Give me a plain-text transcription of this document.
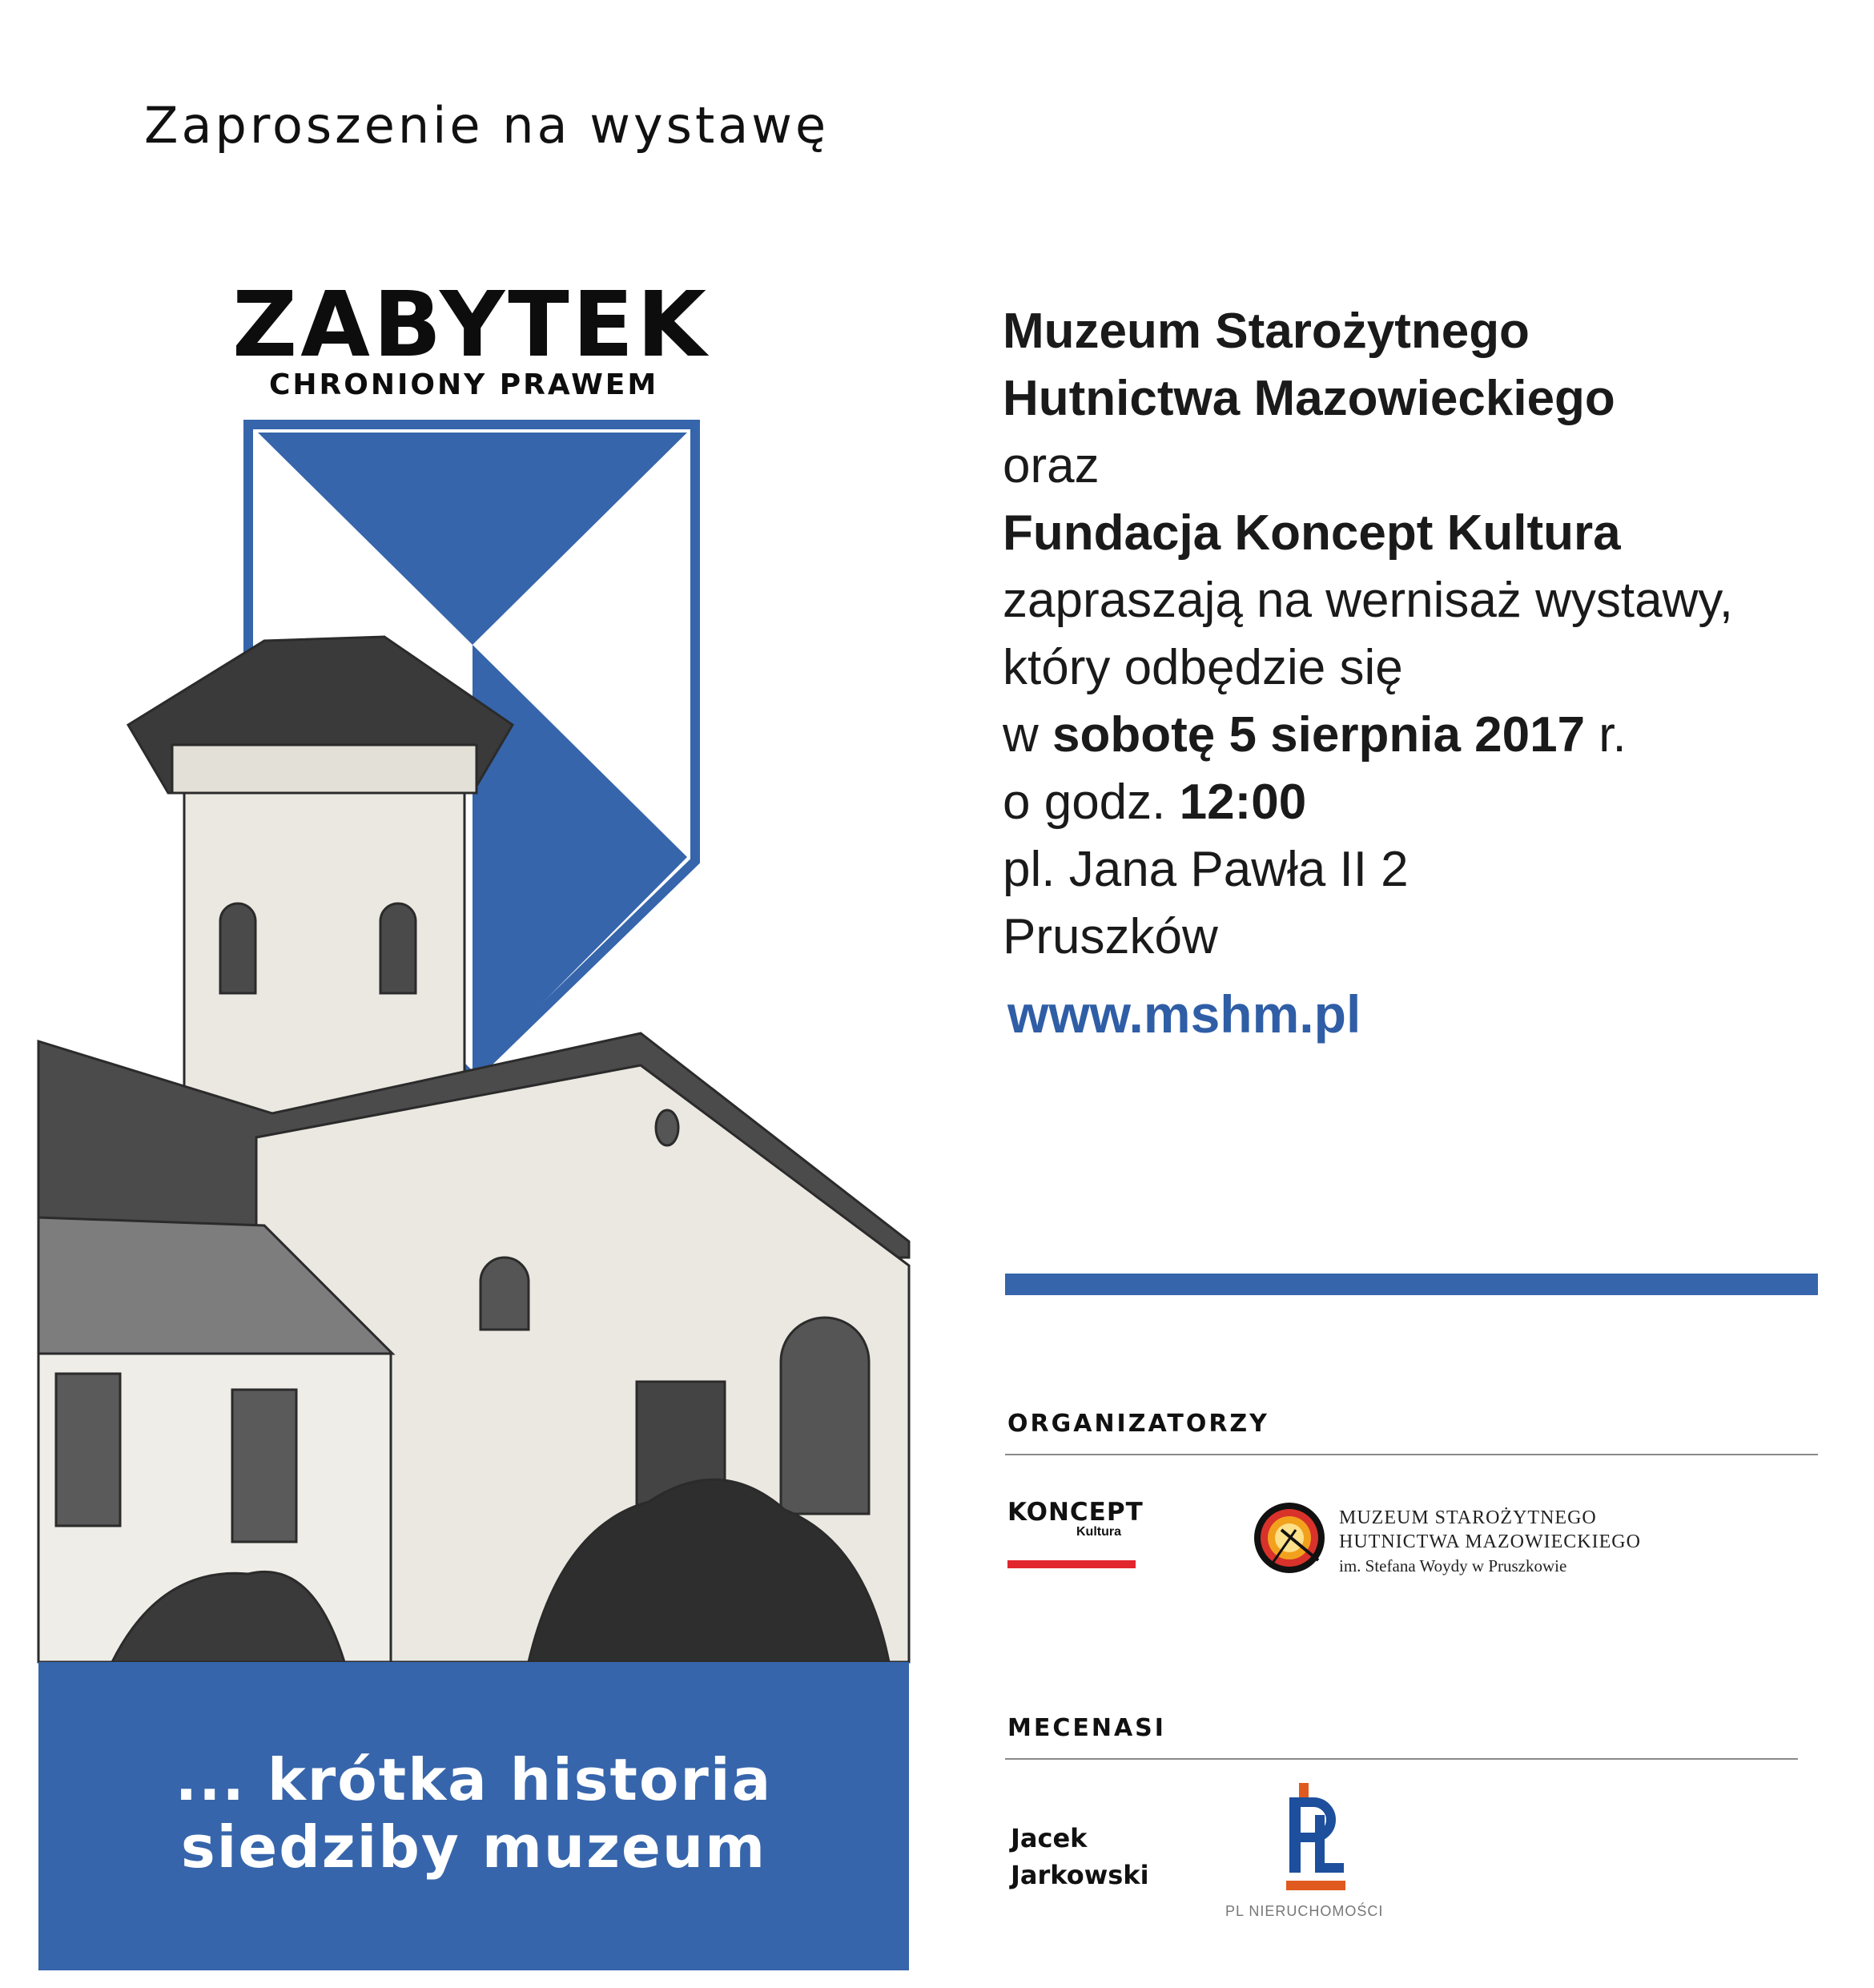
Zaproszenie na wystawę
ZABYTEK
CHRONIONY PRAWEM
... krótka historia
siedziby muzeum
Muzeum Starożytnego
Hutnictwa Mazowieckiego
oraz
Fundacja Koncept Kultura
zapraszają na wernisaż wystawy,
który odbędzie się
w sobotę 5 sierpnia 2017 r.
o godz. 12:00
pl. Jana Pawła II 2
Pruszków
www.mshm.pl
ORGANIZATORZY
KONCEPT
Kultura
MUZEUM STAROŻYTNEGO
HUTNICTWA MAZOWIECKIEGO
im. Stefana Woydy w Pruszkowie
MECENASI
Jacek
Jarkowski
PL NIERUCHOMOŚCI
